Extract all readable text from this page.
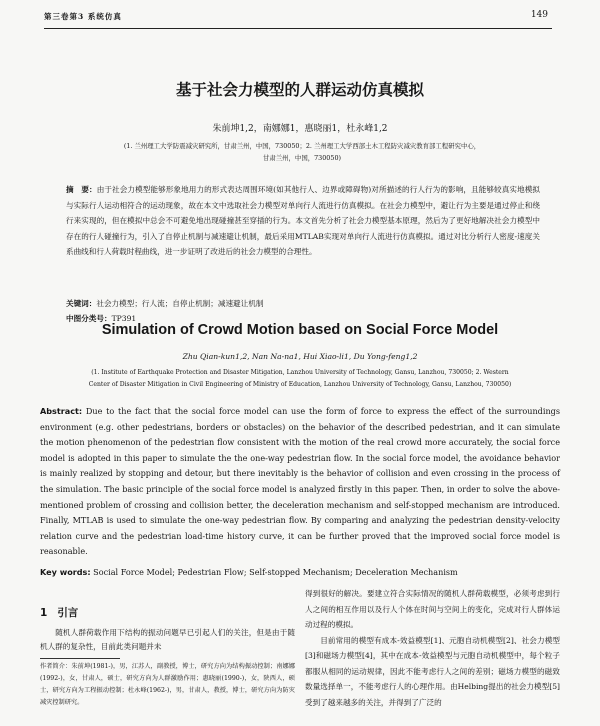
第三卷第3 系统仿真	149
基于社会力模型的人群运动仿真模拟
朱前坤1,2，南娜娜1，惠晓丽1，杜永峰1,2
(1. 兰州理工大学防震减灾研究所，甘肃兰州，中国，730050；2. 兰州理工大学西部土木工程防灾减灾教育部工程研究中心，
甘肃兰州，中国，730050)
摘　要：由于社会力模型能够形象地用力的形式表达周围环境(如其他行人、边界或障碍物)对所描述的行人行为的影响，且能够较真实地模拟与实际行人运动相符合的运动现象，故在本文中选取社会力模型对单向行人流进行仿真模拟。在社会力模型中，避让行为主要是通过停止和绕行来实现的，但在模拟中总会不可避免地出现碰撞甚至穿插的行为。本文首先分析了社会力模型基本原理，然后为了更好地解决社会力模型中存在的行人碰撞行为，引入了自停止机制与减速避让机制，最后采用MTLAB实现对单向行人流进行仿真模拟。通过对比分析行人密度-速度关系曲线和行人荷载时程曲线，进一步证明了改进后的社会力模型的合理性。
关键词：社会力模型；行人流；自停止机制；减速避让机制
中图分类号：TP391
Simulation of Crowd Motion based on Social Force Model
Zhu Qian-kun1,2, Nan Na-na1, Hui Xiao-li1, Du Yong-feng1,2
(1. Institute of Earthquake Protection and Disaster Mitigation, Lanzhou University of Technology, Gansu, Lanzhou, 730050; 2. Western
Center of Disaster Mitigation in Civil Engineering of Ministry of Education, Lanzhou University of Technology, Gansu, Lanzhou, 730050)
Abstract: Due to the fact that the social force model can use the form of force to express the effect of the surroundings environment (e.g. other pedestrians, borders or obstacles) on the behavior of the described pedestrian, and it can simulate the motion phenomenon of the pedestrian flow consistent with the motion of the real crowd more accurately, the social force model is adopted in this paper to simulate the the one-way pedestrian flow. In the social force model, the avoidance behavior is mainly realized by stopping and detour, but there inevitably is the behavior of collision and even crossing in the process of the simulation. The basic principle of the social force model is analyzed firstly in this paper. Then, in order to solve the above-mentioned problem of crossing and collision better, the deceleration mechanism and self-stopped mechanism are introduced. Finally, MTLAB is used to simulate the one-way pedestrian flow. By comparing and analyzing the pedestrian density-velocity relation curve and the pedestrian load-time history curve, it can be further proved that the improved social force model is reasonable.
Key words: Social Force Model; Pedestrian Flow; Self-stopped Mechanism; Deceleration Mechanism
1 引言
随机人群荷载作用下结构的振动问题早已引起人们的关注，但是由于随机人群的复杂性，目前此类问题并未
作者简介：朱前坤(1981-)，男，江苏人，副教授，博士，研究方向为结构振动控制；南娜娜(1992-)，女，甘肃人，硕士，研究方向为人群激励作用；惠晓丽(1990-)，女，陕西人，硕士，研究方向为工程振动控制；杜永峰(1962-)，男，甘肃人，教授，博士，研究方向为防灾减灾控制研究。

得到很好的解决。要建立符合实际情况的随机人群荷载模型，必须考虑到行人之间的相互作用以及行人个体在时间与空间上的变化，完成对行人群体运动过程的模拟。

目前常用的模型有成本-效益模型[1]、元胞自动机模型[2]、社会力模型[3]和磁场力模型[4]，其中在成本-效益模型与元胞自动机模型中，每个粒子都服从相同的运动规律，因此不能考虑行人之间的差别；磁场力模型的磁致数量选择单一，不能考虑行人的心理作用。由Helbing提出的社会力模型[5]受到了越来越多的关注，并得到了广泛的
